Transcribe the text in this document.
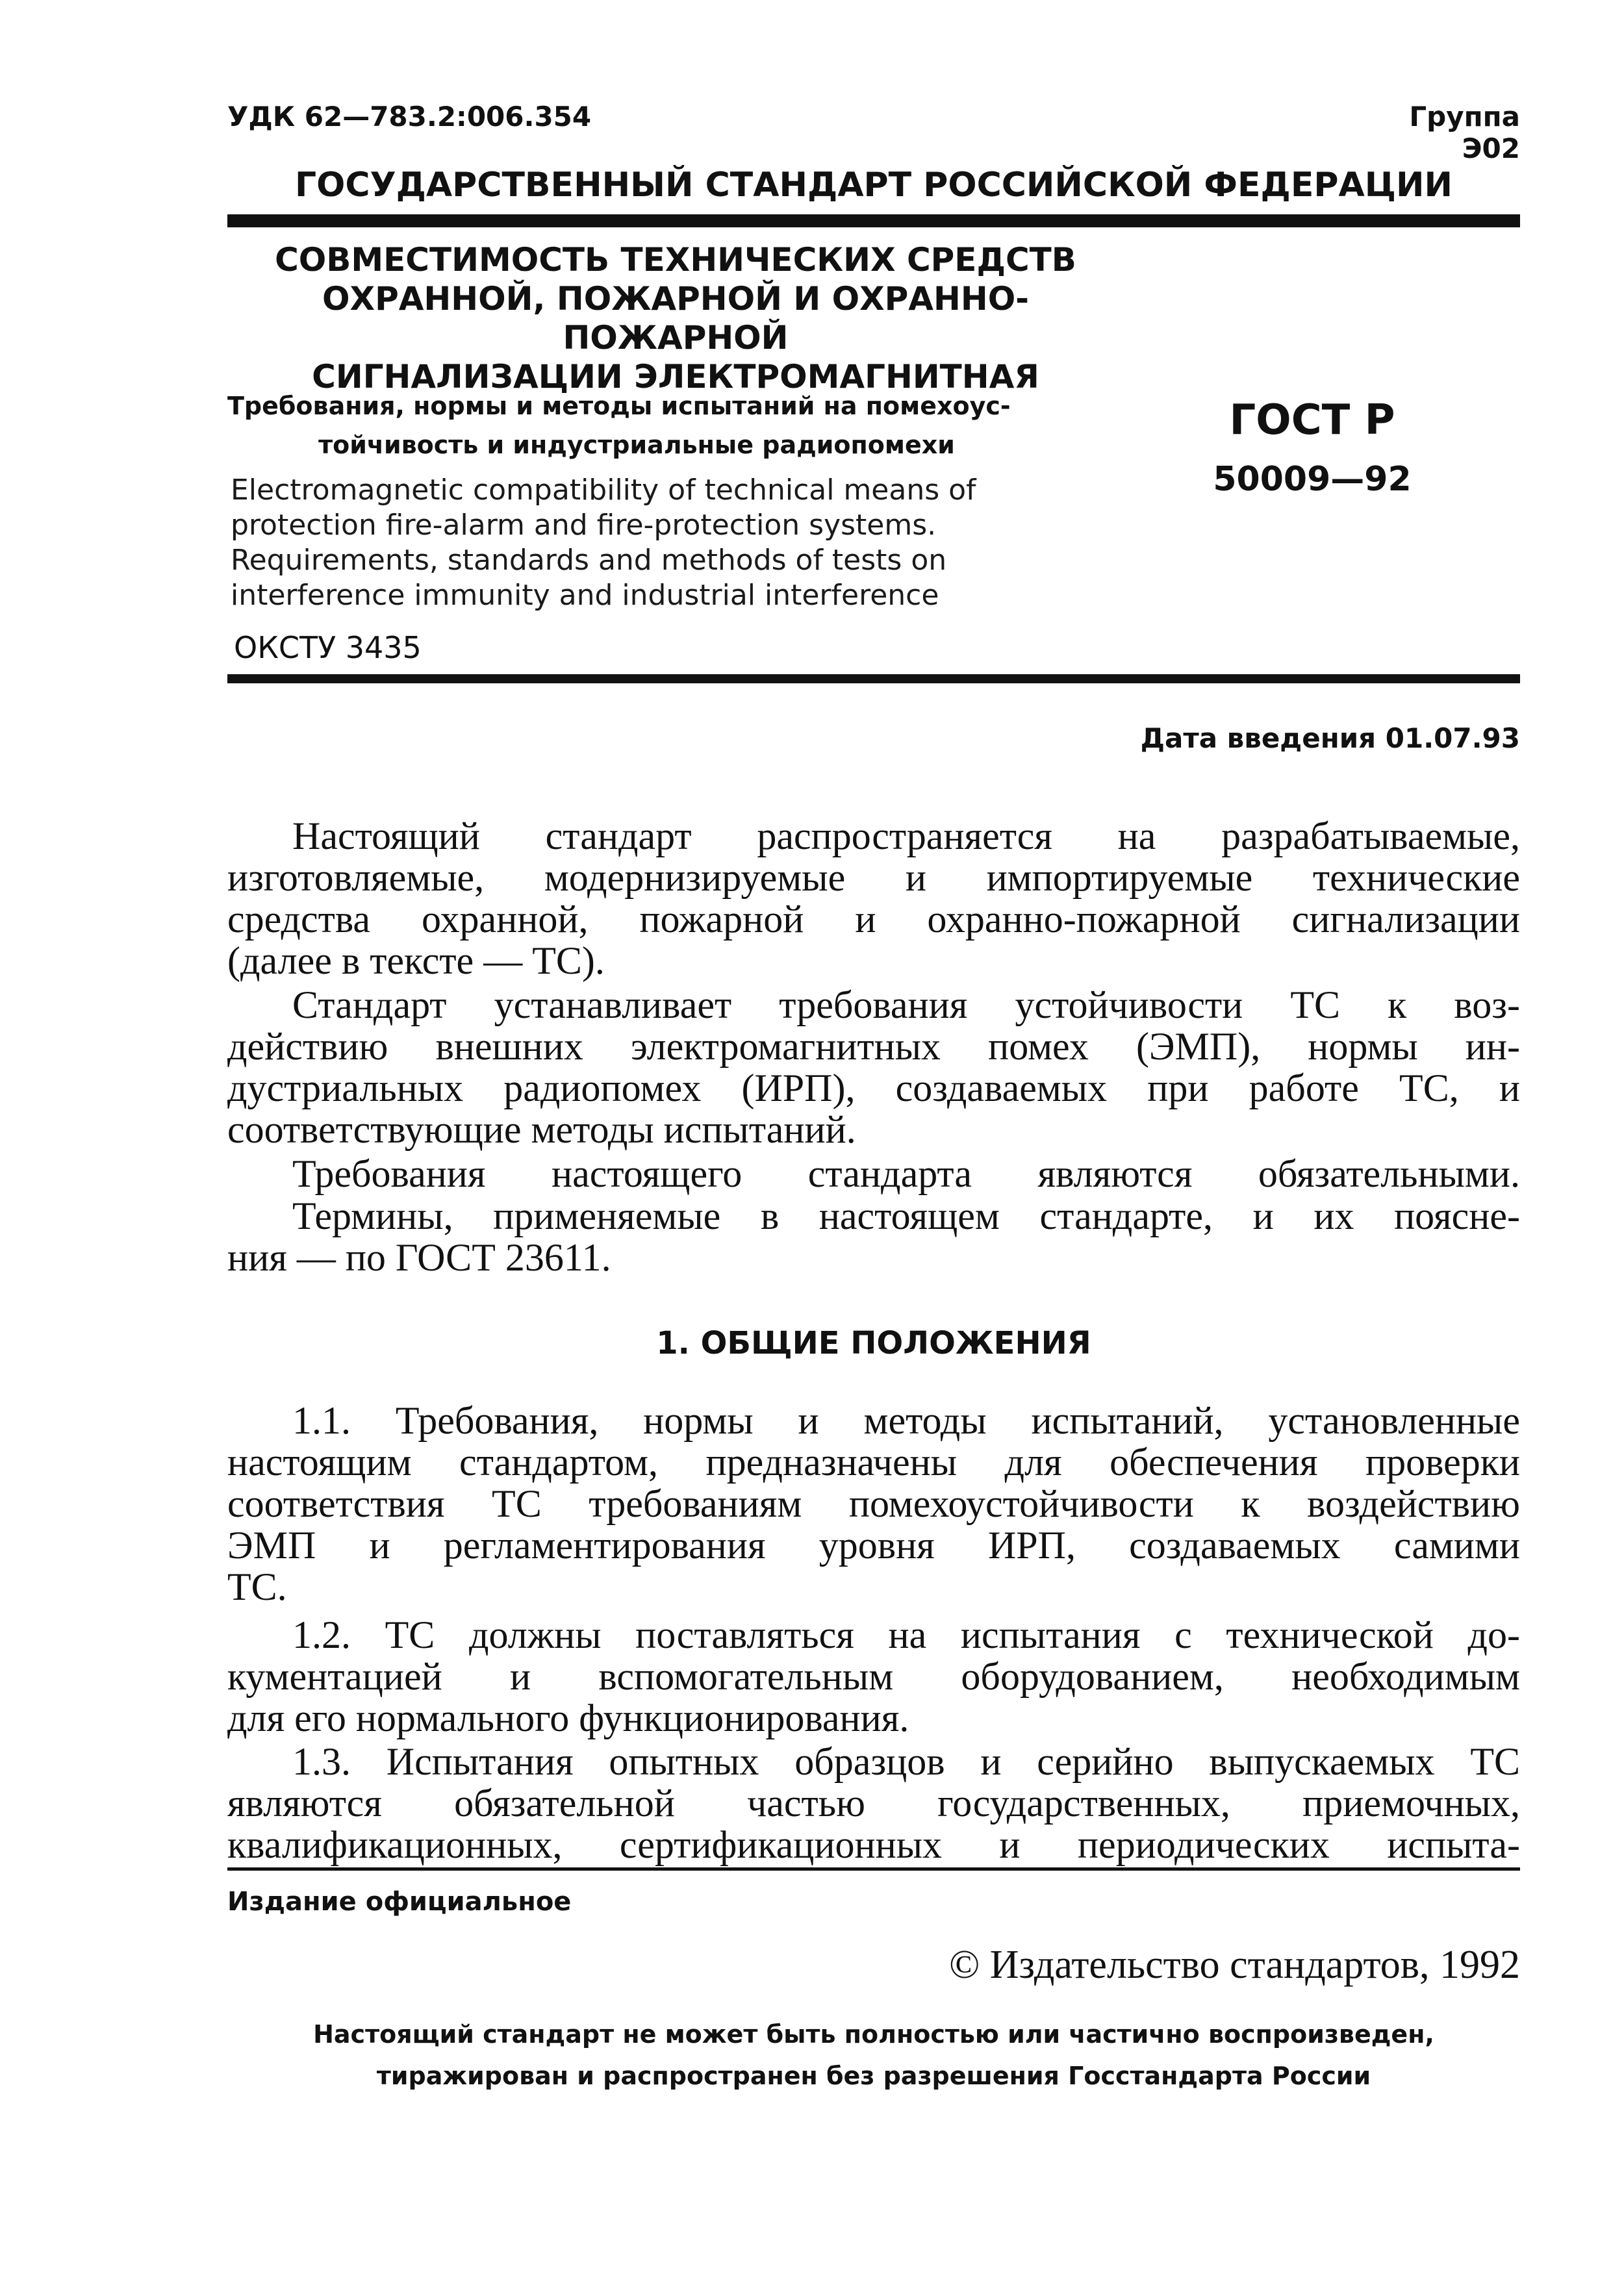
УДК 62—783.2:006.354	Группа Э02
ГОСУДАРСТВЕННЫЙ СТАНДАРТ РОССИЙСКОЙ ФЕДЕРАЦИИ
СОВМЕСТИМОСТЬ ТЕХНИЧЕСКИХ СРЕДСТВ
ОХРАННОЙ, ПОЖАРНОЙ И ОХРАННО-ПОЖАРНОЙ
СИГНАЛИЗАЦИИ ЭЛЕКТРОМАГНИТНАЯ
Требования, нормы и методы испытаний на помехоус-
тойчивость и индустриальные радиопомехи
Electromagnetic compatibility of technical means of
protection fire-alarm and fire-protection systems.
Requirements, standards and methods of tests on
interference immunity and industrial interference
ОКСТУ 3435
ГОСТ Р
50009—92
Дата введения 01.07.93
Настоящий стандарт распространяется на разрабатываемые,
изготовляемые, модернизируемые и импортируемые технические
средства охранной, пожарной и охранно-пожарной сигнализации
(далее в тексте — ТС).
Стандарт устанавливает требования устойчивости ТС к воз-
действию внешних электромагнитных помех (ЭМП), нормы ин-
дустриальных радиопомех (ИРП), создаваемых при работе ТС, и
соответствующие методы испытаний.
Требования настоящего стандарта являются обязательными.
Термины, применяемые в настоящем стандарте, и их поясне-
ния — по ГОСТ 23611.
1. ОБЩИЕ ПОЛОЖЕНИЯ
1.1. Требования, нормы и методы испытаний, установленные
настоящим стандартом, предназначены для обеспечения проверки
соответствия ТС требованиям помехоустойчивости к воздействию
ЭМП и регламентирования уровня ИРП, создаваемых самими
ТС.
1.2. ТС должны поставляться на испытания с технической до-
кументацией и вспомогательным оборудованием, необходимым
для его нормального функционирования.
1.3. Испытания опытных образцов и серийно выпускаемых ТС
являются обязательной частью государственных, приемочных,
квалификационных, сертификационных и периодических испыта-
Издание официальное
© Издательство стандартов, 1992
Настоящий стандарт не может быть полностью или частично воспроизведен,
тиражирован и распространен без разрешения Госстандарта России
